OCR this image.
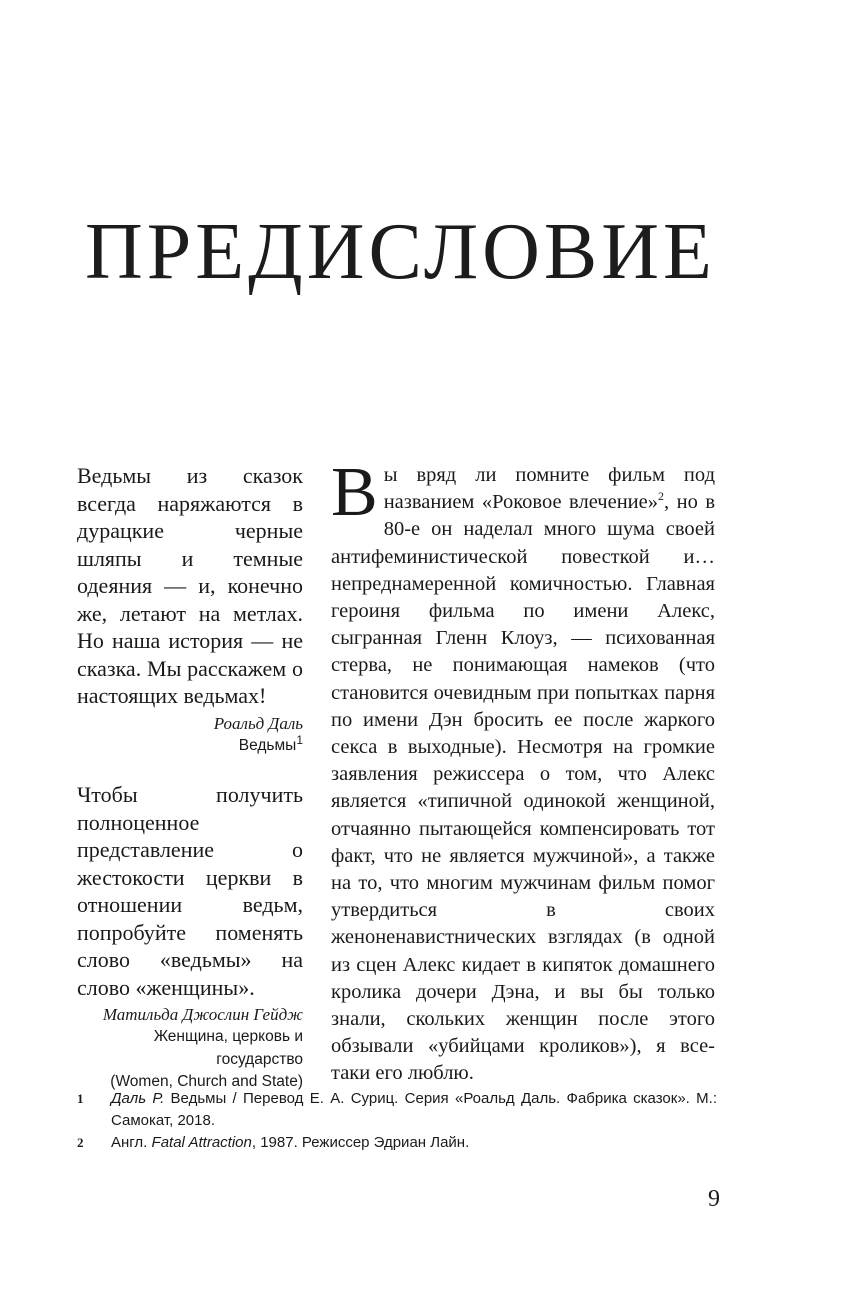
ПРЕДИСЛОВИЕ

Ведьмы из сказок всегда наряжаются в дурацкие черные шляпы и темные одеяния — и, конечно же, летают на метлах. Но наша история — не сказка. Мы расскажем о настоящих ведьмах!

Роальд Даль

Ведьмы$^1$

Чтобы получить полноценное представление о жестокости церкви в отношении ведьм, попробуйте поменять слово «ведьмы» на слово «женщины».

Матильда Джослин Гейдж

Женщина, церковь и государство

(Women, Church and State)

Вы вряд ли помните фильм под названием «Роковое влечение»$^2$, но в 80-е он наделал много шума своей антифеминистической повесткой и… непреднамеренной комичностью. Главная героиня фильма по имени Алекс, сыгранная Гленн Клоуз, — психованная стерва, не понимающая намеков (что становится очевидным при попытках парня по имени Дэн бросить ее после жаркого секса в выходные). Несмотря на громкие заявления режиссера о том, что Алекс является «типичной одинокой женщиной, отчаянно пытающейся компенсировать тот факт, что не является мужчиной», а также на то, что многим мужчинам фильм помог утвердиться в своих женоненавистнических взглядах (в одной из сцен Алекс кидает в кипяток домашнего кролика дочери Дэна, и вы бы только знали, скольких женщин после этого обзывали «убийцами кроликов»), я все-таки его люблю.

1 Даль Р. Ведьмы / Перевод Е. А. Суриц. Серия «Роальд Даль. Фабрика сказок». М.: Самокат, 2018.
2 Англ. Fatal Attraction, 1987. Режиссер Эдриан Лайн.
9
